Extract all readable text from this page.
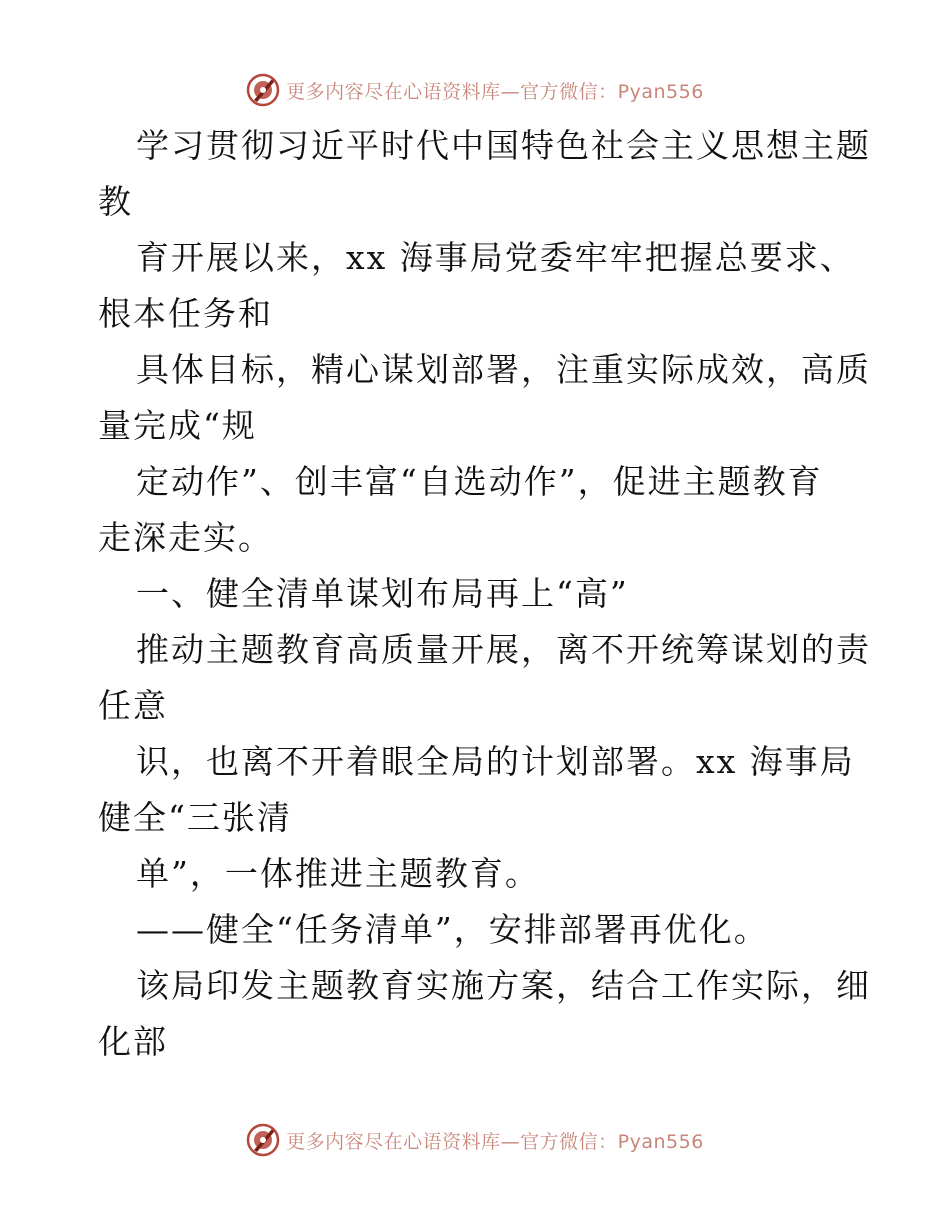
更多内容尽在心语资料库—官方微信：Pyan556
学习贯彻习近平时代中国特色社会主义思想主题
教
育开展以来，xx 海事局党委牢牢把握总要求、
根本任务和
具体目标，精心谋划部署，注重实际成效，高质
量完成“规
定动作”、创丰富“自选动作”，促进主题教育
走深走实。
一、健全清单谋划布局再上“高”
推动主题教育高质量开展，离不开统筹谋划的责
任意
识，也离不开着眼全局的计划部署。xx 海事局
健全“三张清
单”，一体推进主题教育。
——健全“任务清单”，安排部署再优化。
该局印发主题教育实施方案，结合工作实际，细
化部
更多内容尽在心语资料库—官方微信：Pyan556
